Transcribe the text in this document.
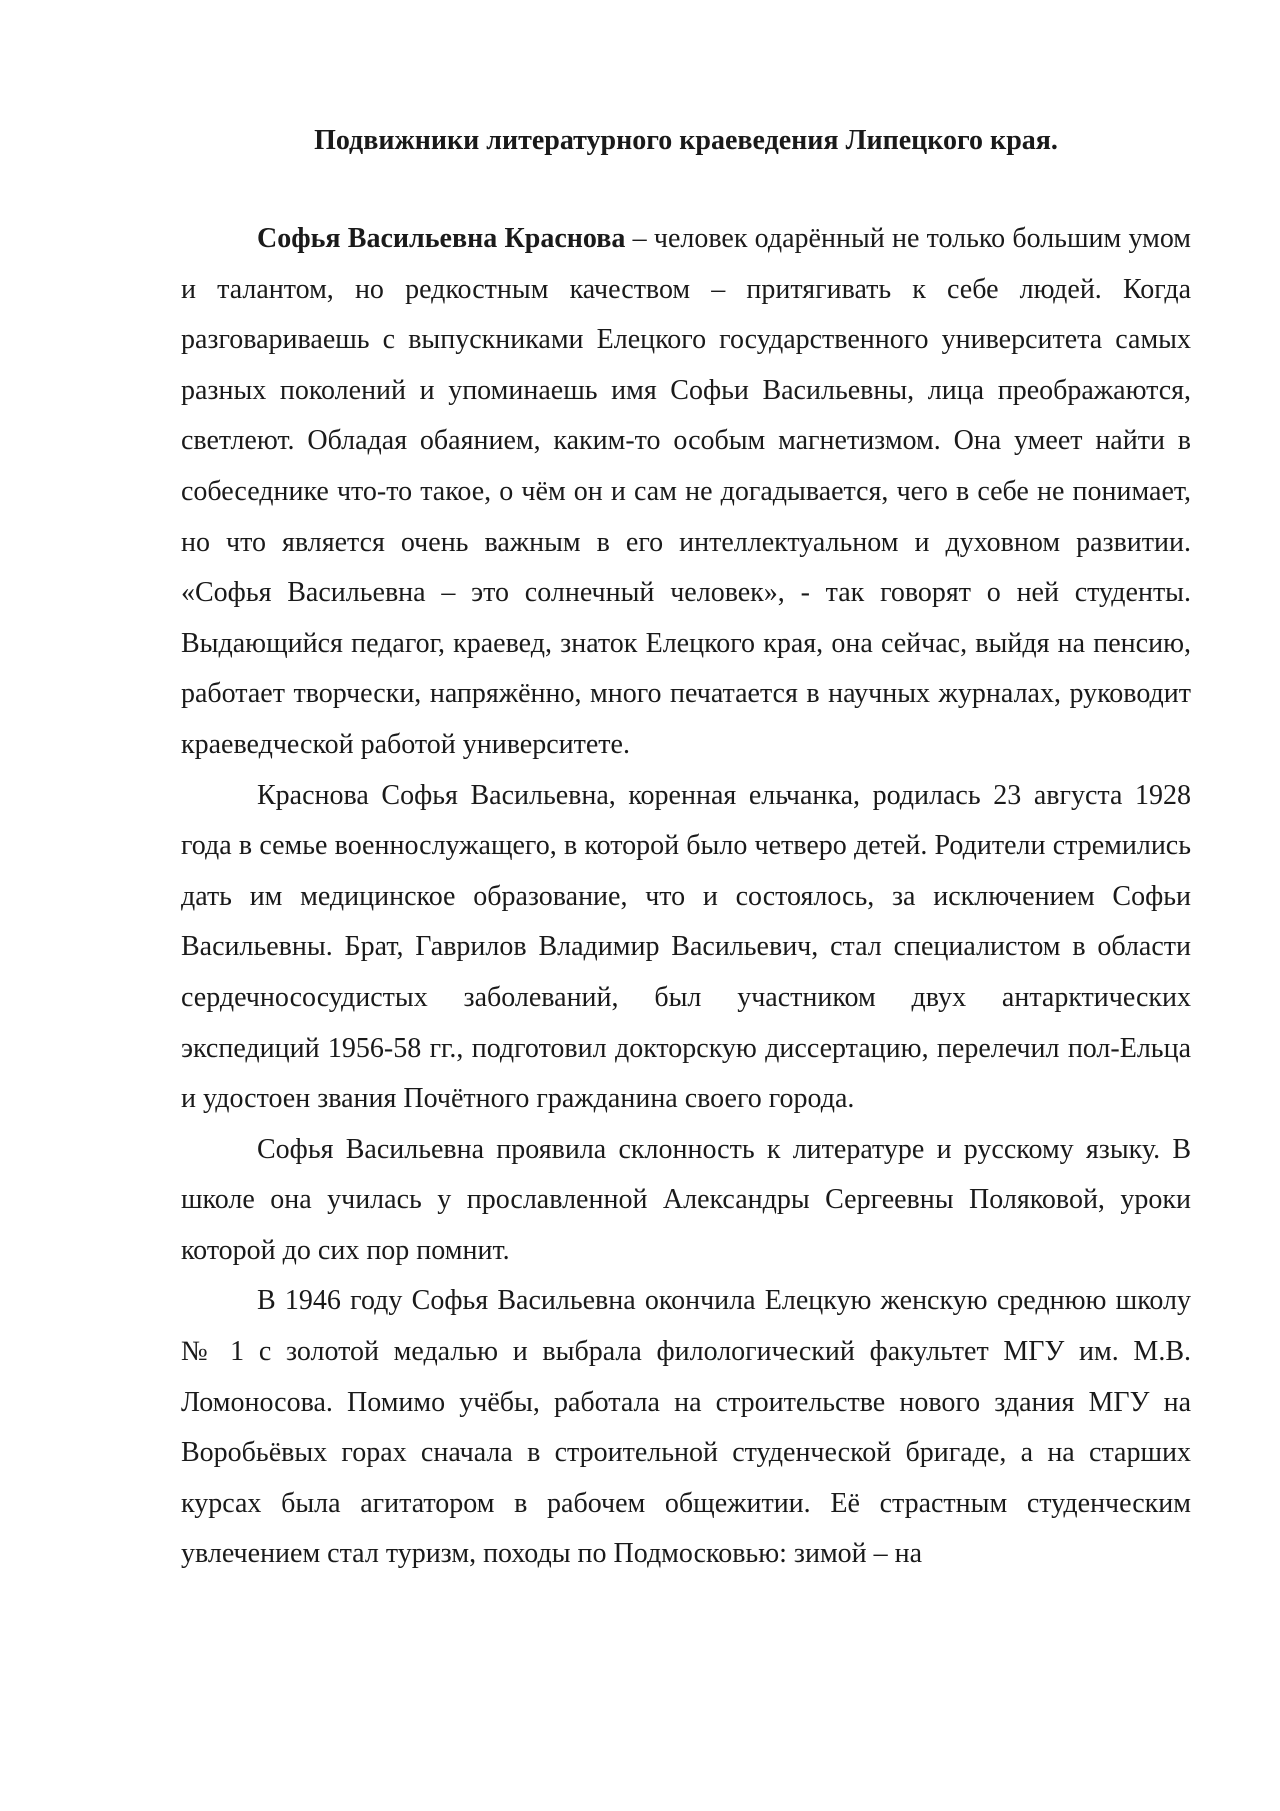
Подвижники литературного краеведения Липецкого края.

Софья Васильевна Краснова – человек одарённый не только большим умом и талантом, но редкостным качеством – притягивать к себе людей. Когда разговариваешь с выпускниками Елецкого государственного университета самых разных поколений и упоминаешь имя Софьи Васильевны, лица преображаются, светлеют. Обладая обаянием, каким-то особым магнетизмом. Она умеет найти в собеседнике что-то такое, о чём он и сам не догадывается, чего в себе не понимает, но что является очень важным в его интеллектуальном и духовном развитии. «Софья Васильевна – это солнечный человек», - так говорят о ней студенты. Выдающийся педагог, краевед, знаток Елецкого края, она сейчас, выйдя на пенсию, работает творчески, напряжённо, много печатается в научных журналах, руководит краеведческой работой университете.

Краснова Софья Васильевна, коренная ельчанка, родилась 23 августа 1928 года в семье военнослужащего, в которой было четверо детей. Родители стремились дать им медицинское образование, что и состоялось, за исключением Софьи Васильевны. Брат, Гаврилов Владимир Васильевич, стал специалистом в области сердечнососудистых заболеваний, был участником двух антарктических экспедиций 1956-58 гг., подготовил докторскую диссертацию, перелечил пол-Ельца и удостоен звания Почётного гражданина своего города.

Софья Васильевна проявила склонность к литературе и русскому языку. В школе она училась у прославленной Александры Сергеевны Поляковой, уроки которой до сих пор помнит.

В 1946 году Софья Васильевна окончила Елецкую женскую среднюю школу № 1 с золотой медалью и выбрала филологический факультет МГУ им. М.В. Ломоносова. Помимо учёбы, работала на строительстве нового здания МГУ на Воробьёвых горах сначала в строительной студенческой бригаде, а на старших курсах была агитатором в рабочем общежитии. Её страстным студенческим увлечением стал туризм, походы по Подмосковью: зимой – на
